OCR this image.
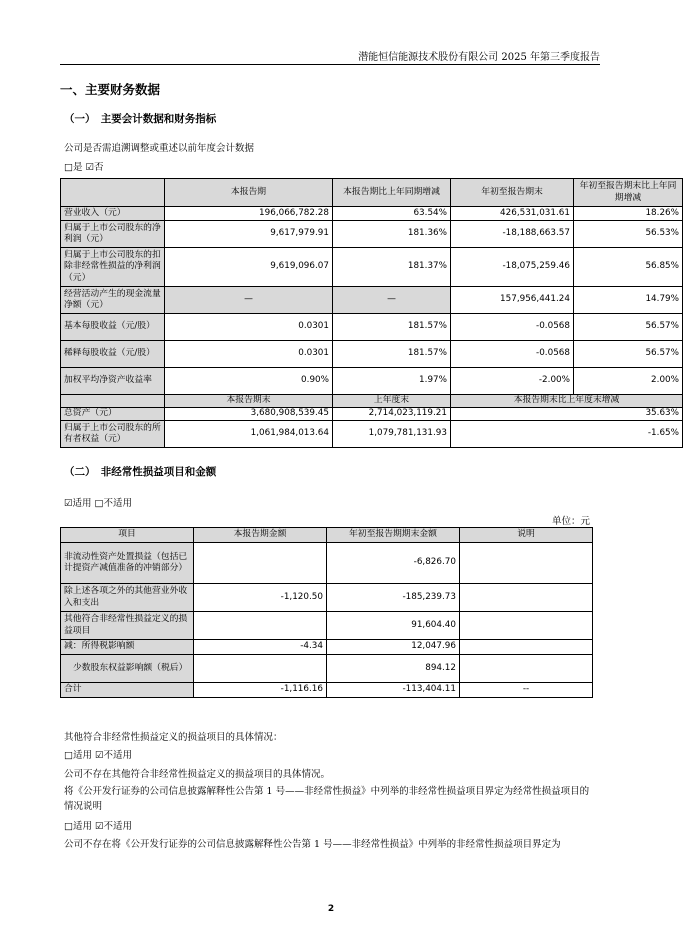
潜能恒信能源技术股份有限公司 2025 年第三季度报告
一、主要财务数据
（一）　主要会计数据和财务指标
公司是否需追溯调整或重述以前年度会计数据
□是 ☑否
	本报告期	本报告期比上年同期增减	年初至报告期末	年初至报告期末比上年同期增减
营业收入（元）	196,066,782.28	63.54%	426,531,031.61	18.26%
归属于上市公司股东的净利润（元）	9,617,979.91	181.36%	-18,188,663.57	56.53%
归属于上市公司股东的扣除非经常性损益的净利润（元）	9,619,096.07	181.37%	-18,075,259.46	56.85%
经营活动产生的现金流量净额（元）	—	—	157,956,441.24	14.79%
基本每股收益（元/股）	0.0301	181.57%	-0.0568	56.57%
稀释每股收益（元/股）	0.0301	181.57%	-0.0568	56.57%
加权平均净资产收益率	0.90%	1.97%	-2.00%	2.00%
	本报告期末	上年度末	本报告期末比上年度末增减	
总资产（元）	3,680,908,539.45	2,714,023,119.21	35.63%	
归属于上市公司股东的所有者权益（元）	1,061,984,013.64	1,079,781,131.93	-1.65%	
（二）　非经常性损益项目和金额
☑适用 □不适用
单位：元
项目	本报告期金额	年初至报告期期末金额	说明
非流动性资产处置损益（包括已计提资产减值准备的冲销部分）		-6,826.70	
除上述各项之外的其他营业外收入和支出	-1,120.50	-185,239.73	
其他符合非经常性损益定义的损益项目		91,604.40	
减：所得税影响额	-4.34	12,047.96	
少数股东权益影响额（税后）		894.12	
合计	-1,116.16	-113,404.11	--
其他符合非经常性损益定义的损益项目的具体情况：
□适用 ☑不适用
公司不存在其他符合非经常性损益定义的损益项目的具体情况。
将《公开发行证券的公司信息披露解释性公告第 1 号——非经常性损益》中列举的非经常性损益项目界定为经常性损益项目的情况说明
□适用 ☑不适用
公司不存在将《公开发行证券的公司信息披露解释性公告第 1 号——非经常性损益》中列举的非经常性损益项目界定为
2
